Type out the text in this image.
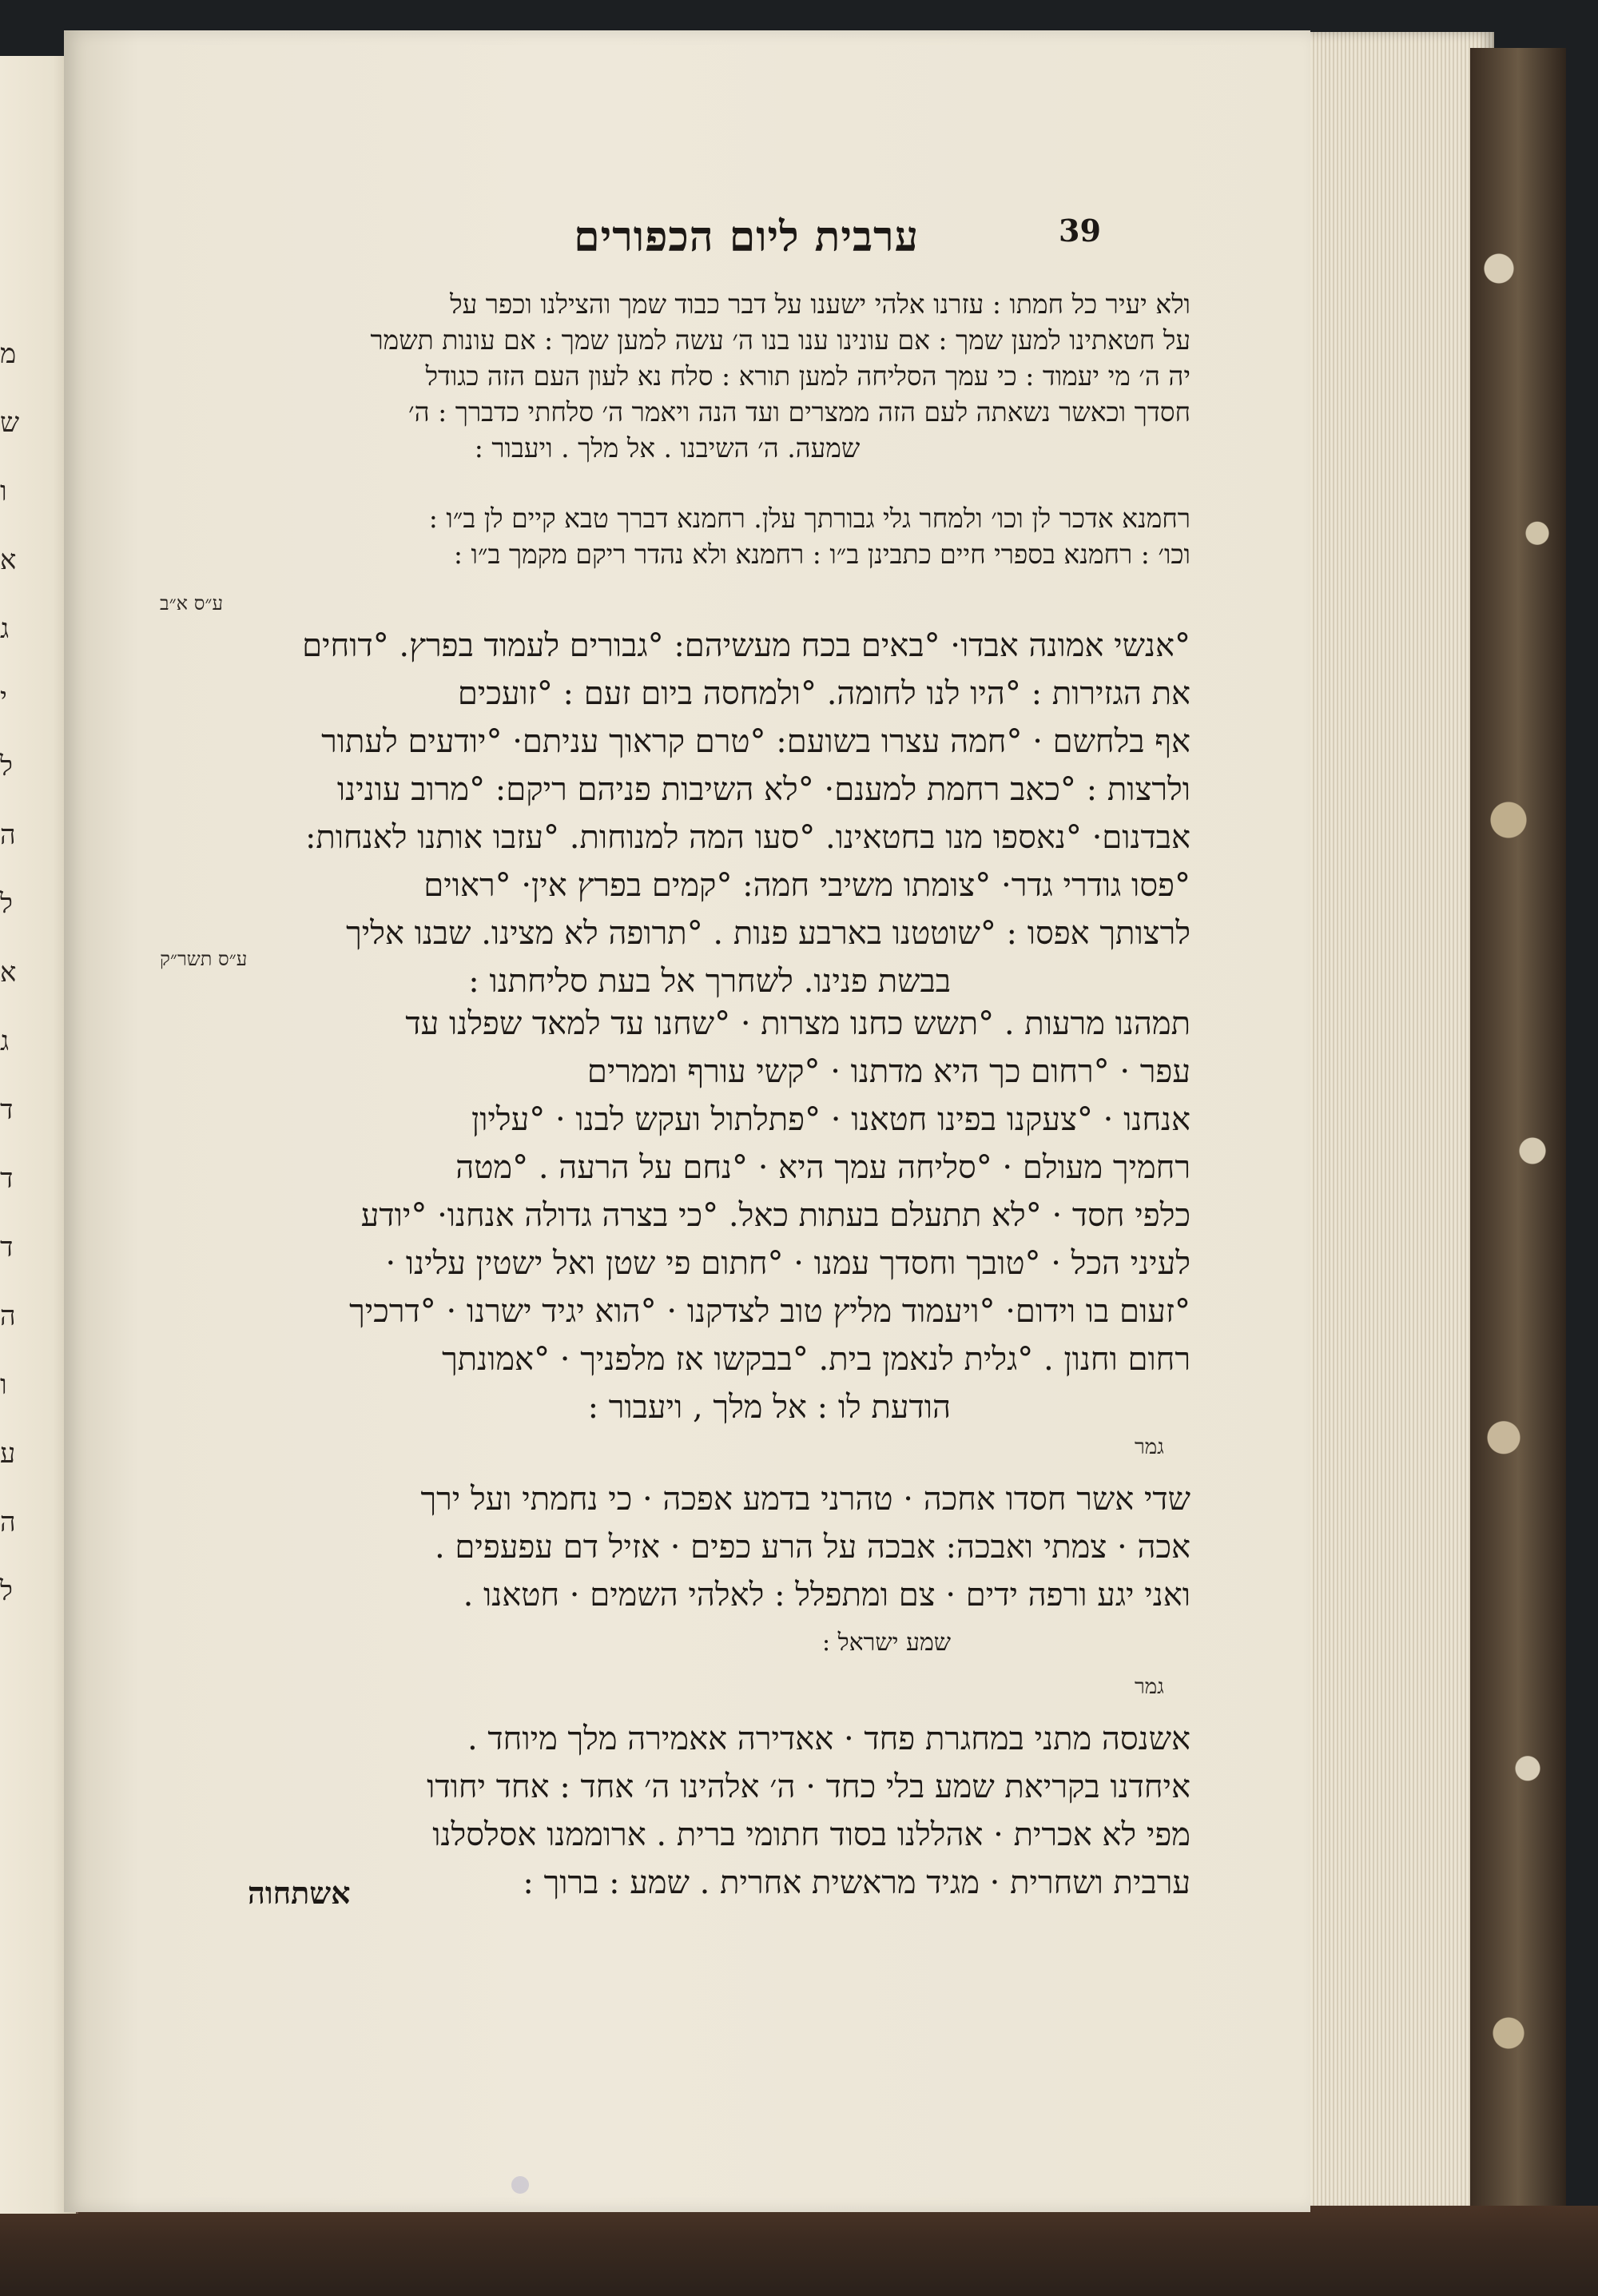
מ
ש
ו
א
ג
י
ל
ה
ל
א
ג
ד
ד
ד
ה
ו
ע
ה
ל
39
ערבית ליום הכפורים
ולא יעיר כל חמתו : עזרנו אלהי ישענו על דבר כבוד שמך והצילנו וכפר על
על חטאתינו למען שמך : אם עונינו ענו בנו ה׳ עשה למען שמך : אם עונות תשמר
יה ה׳ מי יעמוד : כי עמך הסליחה למען תורא : סלח נא לעון העם הזה כגודל
חסדך וכאשר נשאתה לעם הזה ממצרים ועד הנה ויאמר ה׳ סלחתי כדברך : ה׳
שמעה. ה׳ השיבנו . אל מלך . ויעבור :
רחמנא אדכר לן וכו׳ ולמחר גלי גבורתך עלן. רחמנא דברך טבא קיים לן ב״ו :
וכו׳ : רחמנא בספרי חיים כתבינן ב״ו : רחמנא ולא נהדר ריקם מקמך ב״ו :
ע״ס א״ב
°אנשי אמונה אבדו· °באים בכח מעשיהם: °גבורים לעמוד בפרץ. °דוחים
את הגזירות : °היו לנו לחומה. °ולמחסה ביום זעם : °זועכים
אף בלחשם · °חמה עצרו בשועם: °טרם קראוך עניתם· °יודעים לעתור
ולרצות : °כאב רחמת למענם· °לא השיבות פניהם ריקם: °מרוב עונינו
אבדנום· °נאספו מנו בחטאינו. °סעו המה למנוחות. °עזבו אותנו לאנחות:
°פסו גודרי גדר· °צומתו משיבי חמה: °קמים בפרץ אין· °ראוים
לרצותך אפסו : °שוטטנו בארבע פנות . °תרופה לא מצינו. שבנו אליך
בבשת פנינו. לשחרך אל בעת סליחתנו :
ע״ס תשר״ק
תמהנו מרעות . °תשש כחנו מצרות · °שחנו עד למאד שפלנו עד
עפר · °רחום כך היא מדתנו · °קשי עורף וממרים
אנחנו · °צעקנו בפינו חטאנו · °פתלתול ועקש לבנו · °עליון
רחמיך מעולם · °סליחה עמך היא · °נחם על הרעה . °מטה
כלפי חסד · °לא תתעלם בעתות כאל. °כי בצרה גדולה אנחנו· °יודע
לעיני הכל · °טובך וחסדך עמנו · °חתום פי שטן ואל ישטין עלינו ·
°זעום בו וידום· °ויעמוד מליץ טוב לצדקנו · °הוא יגיד ישרנו · °דרכיך
רחום וחנון . °גלית לנאמן בית. °בבקשו אז מלפניך · °אמונתך
הודעת לו : אל מלך , ויעבור :
גמר
שדי אשר חסדו אחכה · טהרני בדמע אפכה · כי נחמתי ועל ירך
אכה · צמתי ואבכה: אבכה על הרע כפים · אזיל דם עפעפים .
ואני יגע ורפה ידים · צם ומתפלל : לאלהי השמים · חטאנו .
שמע ישראל :
גמר
אשנסה מתני במחגרת פחד · אאדירה אאמירה מלך מיוחד .
איחדנו בקריאת שמע בלי כחד · ה׳ אלהינו ה׳ אחד : אחד יחודו
מפי לא אכרית · אהללנו בסוד חתומי ברית . ארוממנו אסלסלנו
ערבית ושחרית · מגיד מראשית אחרית . שמע : ברוך :
אשתחוה
